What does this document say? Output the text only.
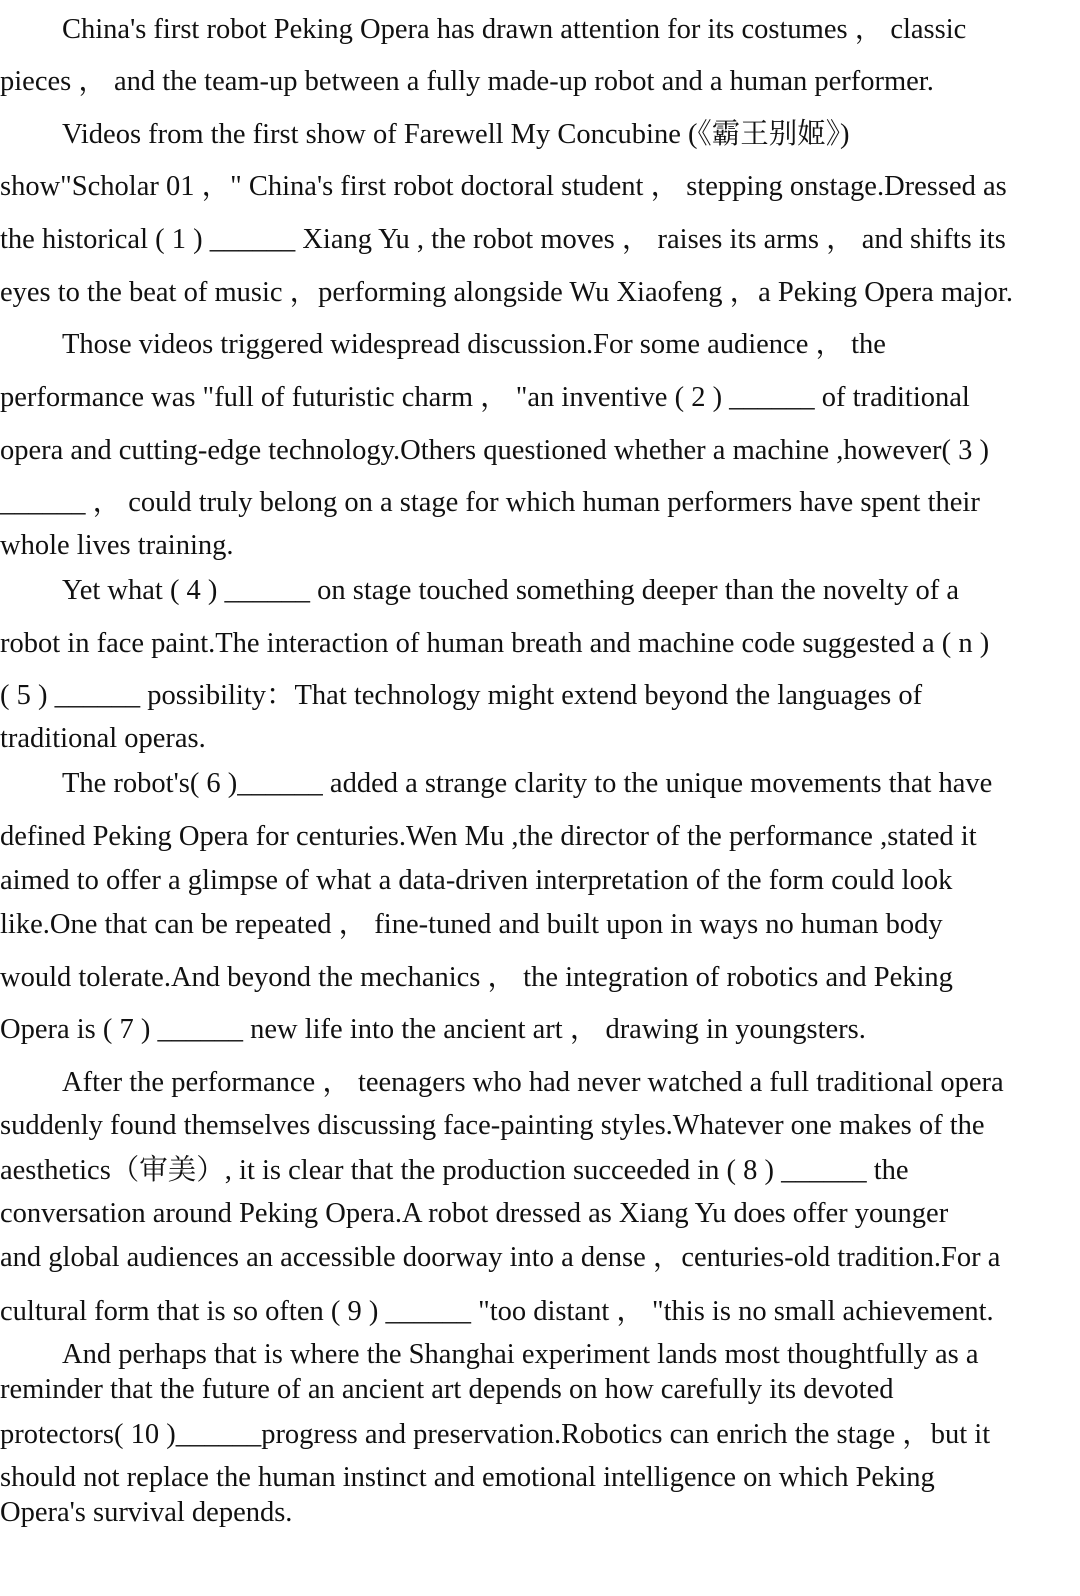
China's first robot Peking Opera has drawn attention for its costumes ， classic
pieces ， and the team-up between a fully made-up robot and a human performer.
Videos from the first show of Farewell My Concubine (《霸王别姬》)
show"Scholar 01 ，" China's first robot doctoral student ， stepping onstage.Dressed as
the historical ( 1 ) ______ Xiang Yu , the robot moves ， raises its arms ， and shifts its
eyes to the beat of music ，performing alongside Wu Xiaofeng ，a Peking Opera major.
Those videos triggered widespread discussion.For some audience ， the
performance was "full of futuristic charm ， "an inventive ( 2 ) ______ of traditional
opera and cutting-edge technology.Others questioned whether a machine ,however( 3 )
______ ， could truly belong on a stage for which human performers have spent their
whole lives training.
Yet what ( 4 ) ______ on stage touched something deeper than the novelty of a
robot in face paint.The interaction of human breath and machine code suggested a ( n )
( 5 ) ______ possibility：That technology might extend beyond the languages of
traditional operas.
The robot's( 6 )______ added a strange clarity to the unique movements that have
defined Peking Opera for centuries.Wen Mu ,the director of the performance ,stated it
aimed to offer a glimpse of what a data-driven interpretation of the form could look
like.One that can be repeated ， fine-tuned and built upon in ways no human body
would tolerate.And beyond the mechanics ， the integration of robotics and Peking
Opera is ( 7 ) ______ new life into the ancient art ， drawing in youngsters.
After the performance ， teenagers who had never watched a full traditional opera
suddenly found themselves discussing face-painting styles.Whatever one makes of the
aesthetics（审美）, it is clear that the production succeeded in ( 8 ) ______ the
conversation around Peking Opera.A robot dressed as Xiang Yu does offer younger
and global audiences an accessible doorway into a dense ，centuries-old tradition.For a
cultural form that is so often ( 9 ) ______ "too distant ， "this is no small achievement.
And perhaps that is where the Shanghai experiment lands most thoughtfully as a
reminder that the future of an ancient art depends on how carefully its devoted
protectors( 10 )______progress and preservation.Robotics can enrich the stage ，but it
should not replace the human instinct and emotional intelligence on which Peking
Opera's survival depends.
